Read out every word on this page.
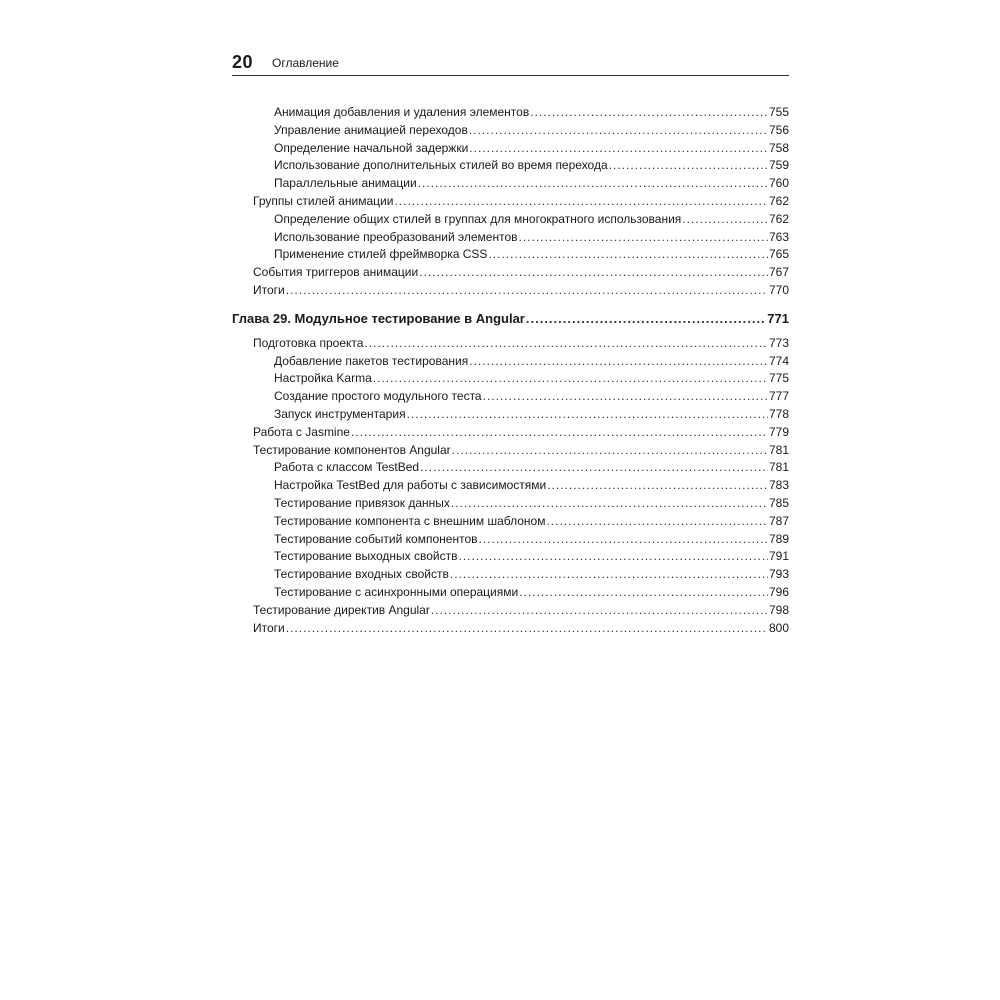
20 Оглавление
Анимация добавления и удаления элементов .....	755
Управление анимацией переходов .....	756
Определение начальной задержки .....	758
Использование дополнительных стилей во время перехода .....	759
Параллельные анимации .....	760
Группы стилей анимации .....	762
Определение общих стилей в группах для многократного использования .....	762
Использование преобразований элементов .....	763
Применение стилей фреймворка CSS .....	765
События триггеров анимации .....	767
Итоги .....	770
Глава 29. Модульное тестирование в Angular .....	771
Подготовка проекта .....	773
Добавление пакетов тестирования .....	774
Настройка Karma .....	775
Создание простого модульного теста .....	777
Запуск инструментария .....	778
Работа с Jasmine .....	779
Тестирование компонентов Angular .....	781
Работа с классом TestBed .....	781
Настройка TestBed для работы с зависимостями .....	783
Тестирование привязок данных .....	785
Тестирование компонента с внешним шаблоном .....	787
Тестирование событий компонентов .....	789
Тестирование выходных свойств .....	791
Тестирование входных свойств .....	793
Тестирование с асинхронными операциями .....	796
Тестирование директив Angular .....	798
Итоги .....	800
